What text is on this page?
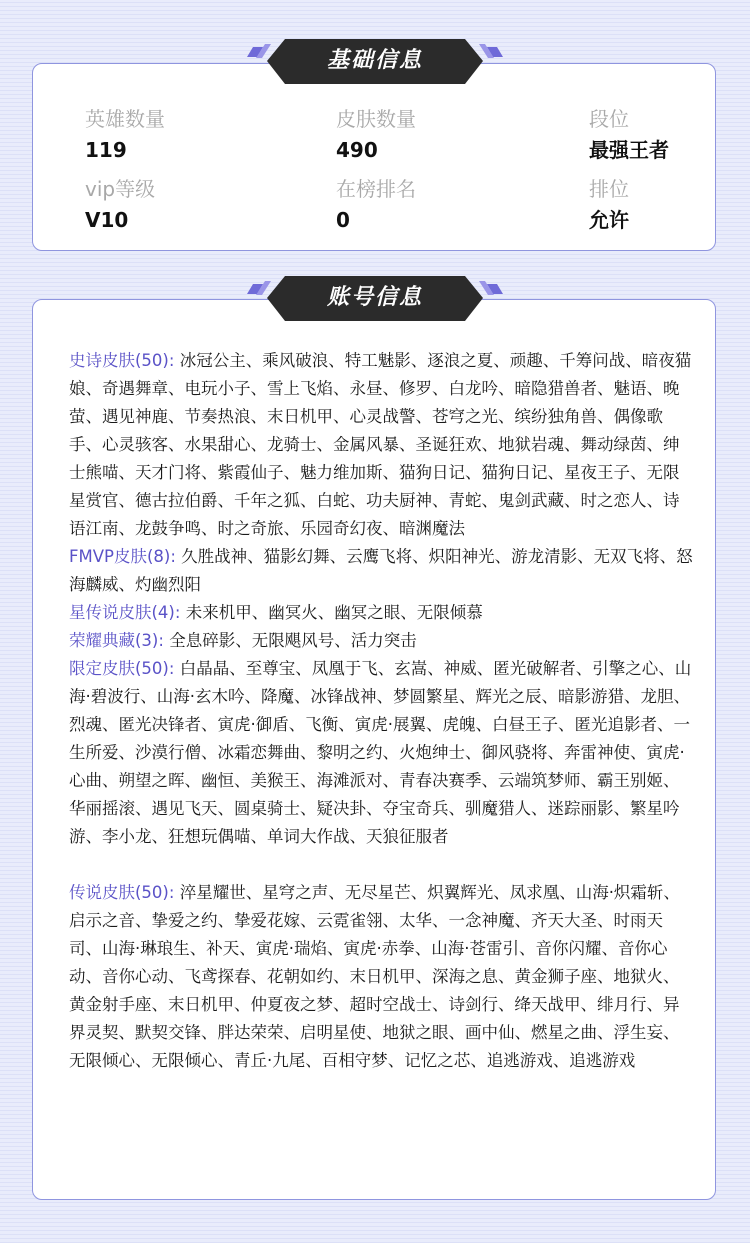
英雄数量
119
皮肤数量
490
段位
最强王者
vip等级
V10
在榜排名
0
排位
允许
基础信息

史诗皮肤(50): 冰冠公主、乘风破浪、特工魅影、逐浪之夏、顽趣、千筹问战、暗夜猫娘、奇遇舞章、电玩小子、雪上飞焰、永昼、修罗、白龙吟、暗隐猎兽者、魅语、晚萤、遇见神鹿、节奏热浪、末日机甲、心灵战警、苍穹之光、缤纷独角兽、偶像歌手、心灵骇客、水果甜心、龙骑士、金属风暴、圣诞狂欢、地狱岩魂、舞动绿茵、绅士熊喵、天才门将、紫霞仙子、魅力维加斯、猫狗日记、猫狗日记、星夜王子、无限星赏官、德古拉伯爵、千年之狐、白蛇、功夫厨神、青蛇、鬼剑武藏、时之恋人、诗语江南、龙鼓争鸣、时之奇旅、乐园奇幻夜、暗渊魔法

FMVP皮肤(8): 久胜战神、猫影幻舞、云鹰飞将、炽阳神光、游龙清影、无双飞将、怒海麟威、灼幽烈阳

星传说皮肤(4): 未来机甲、幽冥火、幽冥之眼、无限倾慕

荣耀典藏(3): 全息碎影、无限飓风号、活力突击

限定皮肤(50): 白晶晶、至尊宝、凤凰于飞、玄嵩、神威、匿光破解者、引擎之心、山海·碧波行、山海·玄木吟、降魔、冰锋战神、梦圆繁星、辉光之辰、暗影游猎、龙胆、烈魂、匿光决锋者、寅虎·御盾、飞衡、寅虎·展翼、虎魄、白昼王子、匿光追影者、一生所爱、沙漠行僧、冰霜恋舞曲、黎明之约、火炮绅士、御风骁将、奔雷神使、寅虎·心曲、朔望之晖、幽恒、美猴王、海滩派对、青春决赛季、云端筑梦师、霸王别姬、华丽摇滚、遇见飞天、圆桌骑士、疑决卦、夺宝奇兵、驯魔猎人、迷踪丽影、繁星吟游、李小龙、狂想玩偶喵、单词大作战、天狼征服者

传说皮肤(50): 淬星耀世、星穹之声、无尽星芒、炽翼辉光、凤求凰、山海·炽霜斩、启示之音、挚爱之约、挚爱花嫁、云霓雀翎、太华、一念神魔、齐天大圣、时雨天司、山海·琳琅生、补天、寅虎·瑞焰、寅虎·赤拳、山海·苍雷引、音你闪耀、音你心动、音你心动、飞鸢探春、花朝如约、末日机甲、深海之息、黄金狮子座、地狱火、黄金射手座、末日机甲、仲夏夜之梦、超时空战士、诗剑行、绛天战甲、绯月行、异界灵契、默契交锋、胖达荣荣、启明星使、地狱之眼、画中仙、燃星之曲、浮生妄、无限倾心、无限倾心、青丘·九尾、百相守梦、记忆之芯、追逃游戏、追逃游戏

账号信息
